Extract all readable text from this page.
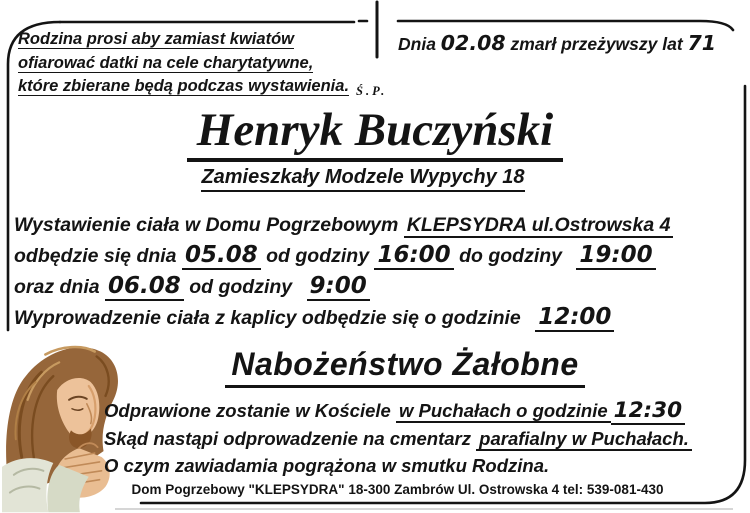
Rodzina prosi aby zamiast kwiatów
ofiarować datki na cele charytatywne,
które zbierane będą podczas wystawienia.
Dnia 02.08 zmarł przeżywszy lat 71
Ś.P.
Henryk Buczyński
Zamieszkały Modzele Wypychy 18
Wystawienie ciała w Domu Pogrzebowym KLEPSYDRA ul.Ostrowska 4
odbędzie się dnia 05.08 od godziny 16:00 do godziny 19:00
oraz dnia 06.08 od godziny 9:00
Wyprowadzenie ciała z kaplicy odbędzie się o godzinie 12:00
Nabożeństwo Żałobne
Odprawione zostanie w Kościele w Puchałach o godzinie 12:30
Skąd nastąpi odprowadzenie na cmentarz parafialny w Puchałach.
O czym zawiadamia pogrążona w smutku Rodzina.
Dom Pogrzebowy "KLEPSYDRA" 18-300 Zambrów Ul. Ostrowska 4 tel: 539-081-430
